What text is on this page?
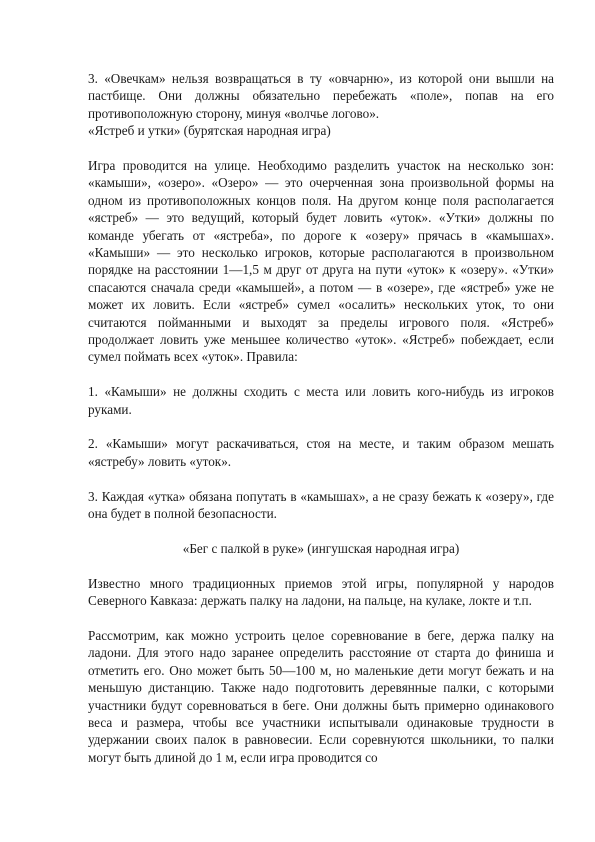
3. «Овечкам» нельзя возвращаться в ту «овчарню», из которой они вышли на пастбище. Они должны обязательно перебежать «поле», попав на его противоположную сторону, минуя «волчье логово».

«Ястреб и утки» (бурятская народная игра)

Игра проводится на улице. Необходимо разделить участок на несколько зон: «камыши», «озеро». «Озеро» — это очерченная зона произвольной формы на одном из противоположных концов поля. На другом конце поля располагается «ястреб» — это ведущий, который будет ловить «уток». «Утки» должны по команде убегать от «ястреба», по дороге к «озеру» прячась в «камышах». «Камыши» — это несколько игроков, которые располагаются в произвольном порядке на расстоянии 1—1,5 м друг от друга на пути «уток» к «озеру». «Утки» спасаются сначала среди «камышей», а потом — в «озере», где «ястреб» уже не может их ловить. Если «ястреб» сумел «осалить» нескольких уток, то они считаются пойманными и выходят за пределы игрового поля. «Ястреб» продолжает ловить уже меньшее количество «уток». «Ястреб» побеждает, если сумел поймать всех «уток». Правила:

1. «Камыши» не должны сходить с места или ловить кого-нибудь из игроков руками.

2. «Камыши» могут раскачиваться, стоя на месте, и таким образом мешать «ястребу» ловить «уток».

3. Каждая «утка» обязана попутать в «камышах», а не сразу бежать к «озеру», где она будет в полной безопасности.

«Бег с палкой в руке» (ингушская народная игра)

Известно много традиционных приемов этой игры, популярной у народов Северного Кавказа: держать палку на ладони, на пальце, на кулаке, локте и т.п.

Рассмотрим, как можно устроить целое соревнование в беге, держа палку на ладони. Для этого надо заранее определить расстояние от старта до финиша и отметить его. Оно может быть 50—100 м, но маленькие дети могут бежать и на меньшую дистанцию. Также надо подготовить деревянные палки, с которыми участники будут соревноваться в беге. Они должны быть примерно одинакового веса и размера, чтобы все участники испытывали одинаковые трудности в удержании своих палок в равновесии. Если соревнуются школьники, то палки могут быть длиной до 1 м, если игра проводится со
